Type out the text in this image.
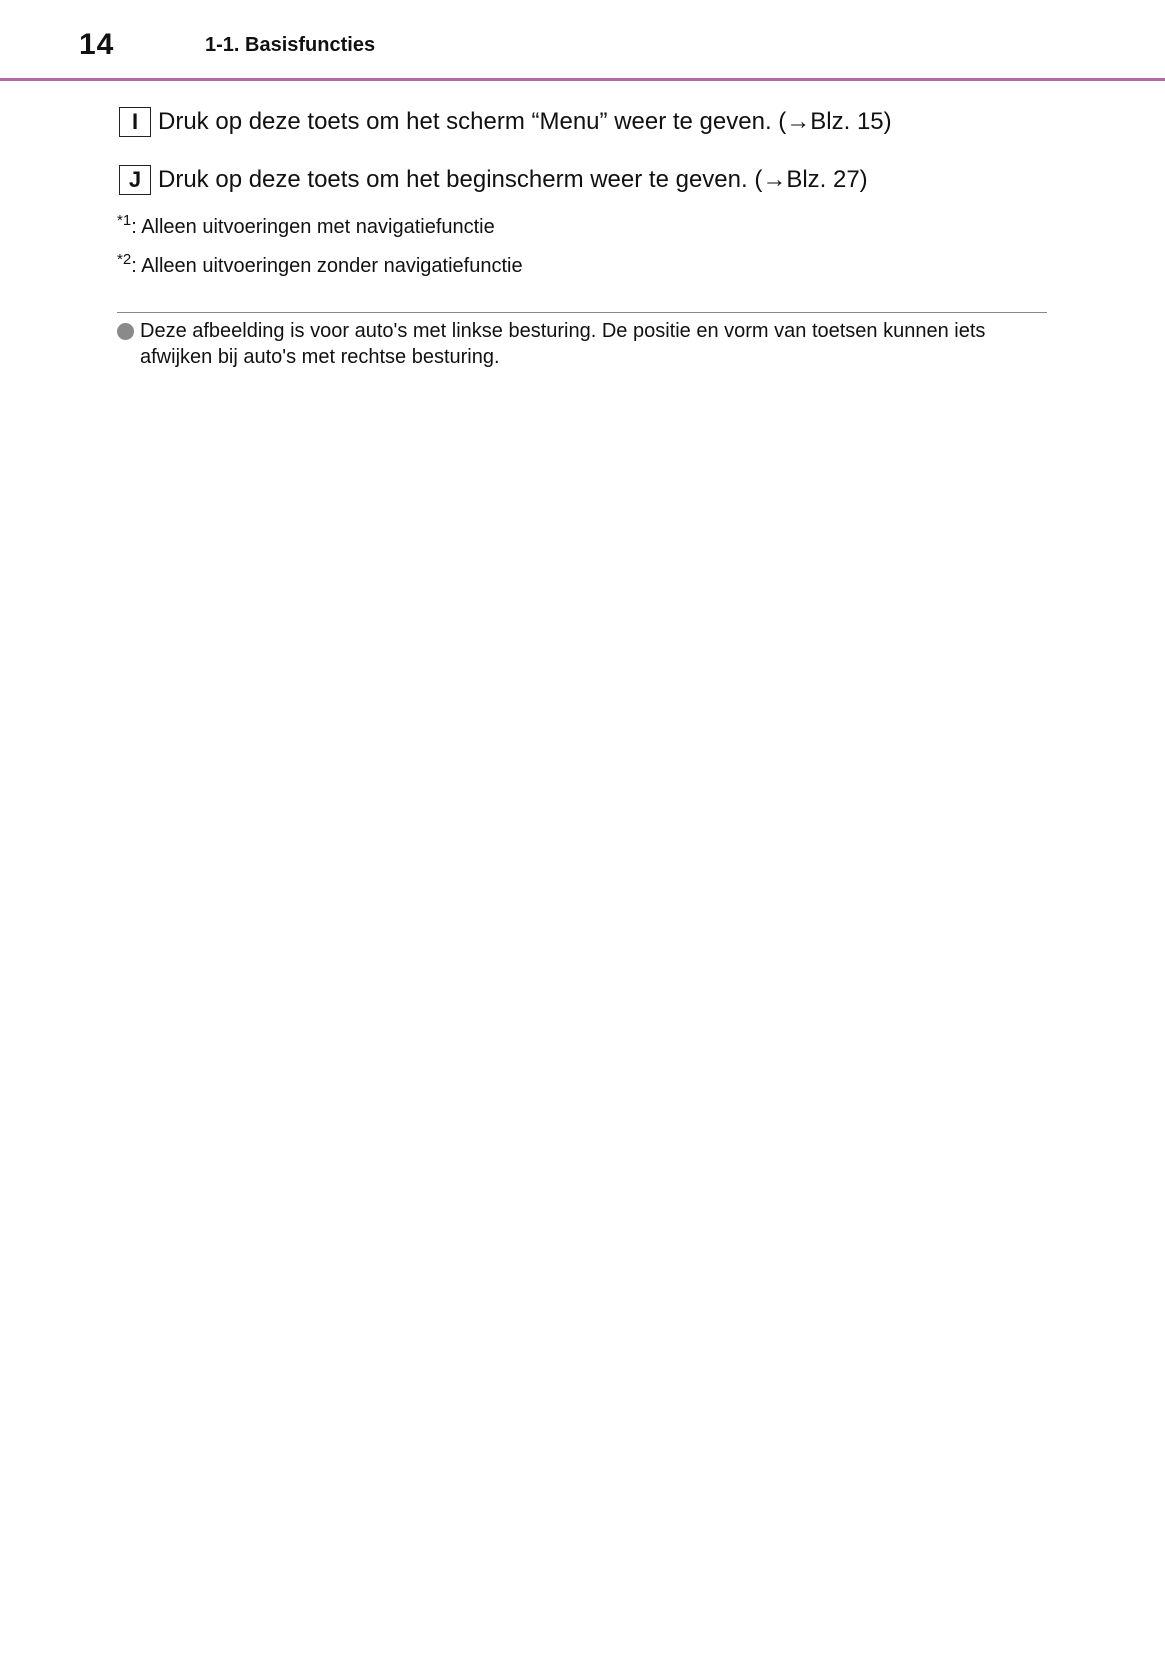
14	1-1. Basisfuncties
I Druk op deze toets om het scherm “Menu” weer te geven. (→Blz. 15)
J Druk op deze toets om het beginscherm weer te geven. (→Blz. 27)
$^{*1}$: Alleen uitvoeringen met navigatiefunctie
$^{*2}$: Alleen uitvoeringen zonder navigatiefunctie
Deze afbeelding is voor auto's met linkse besturing. De positie en vorm van toetsen kunnen iets afwijken bij auto's met rechtse besturing.
